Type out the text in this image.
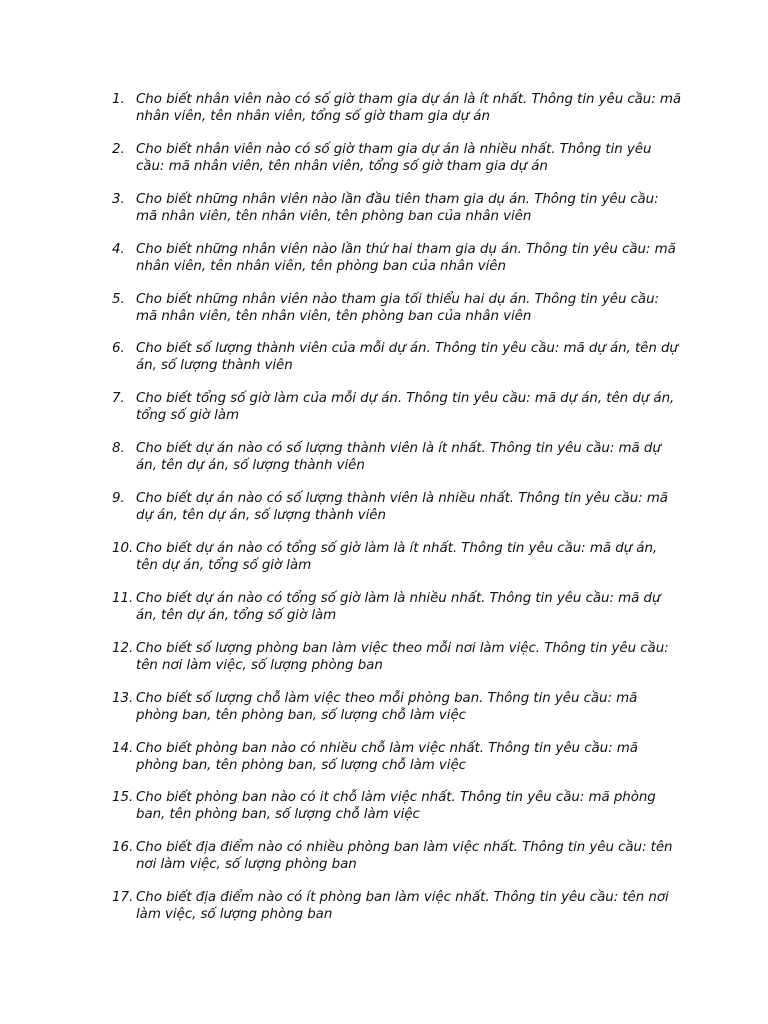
1. Cho biết nhân viên nào có số giờ tham gia dự án là ít nhất. Thông tin yêu cầu: mã nhân viên, tên nhân viên, tổng số giờ tham gia dự án
2. Cho biết nhân viên nào có số giờ tham gia dự án là nhiều nhất. Thông tin yêu cầu: mã nhân viên, tên nhân viên, tổng số giờ tham gia dự án
3. Cho biết những nhân viên nào lần đầu tiên tham gia dụ án. Thông tin yêu cầu: mã nhân viên, tên nhân viên, tên phòng ban của nhân viên
4. Cho biết những nhân viên nào lần thứ hai tham gia dụ án. Thông tin yêu cầu: mã nhân viên, tên nhân viên, tên phòng ban của nhân viên
5. Cho biết những nhân viên nào tham gia tối thiểu hai dụ án. Thông tin yêu cầu: mã nhân viên, tên nhân viên, tên phòng ban của nhân viên
6. Cho biết số lượng thành viên của mỗi dự án. Thông tin yêu cầu: mã dự án, tên dự án, số lượng thành viên
7. Cho biết tổng số giờ làm của mỗi dự án. Thông tin yêu cầu: mã dự án, tên dự án, tổng số giờ làm
8. Cho biết dự án nào có số lượng thành viên là ít nhất. Thông tin yêu cầu: mã dự án, tên dự án, số lượng thành viên
9. Cho biết dự án nào có số lượng thành viên là nhiều nhất. Thông tin yêu cầu: mã dự án, tên dự án, số lượng thành viên
10. Cho biết dự án nào có tổng số giờ làm là ít nhất. Thông tin yêu cầu: mã dự án, tên dự án, tổng số giờ làm
11. Cho biết dự án nào có tổng số giờ làm là nhiều nhất. Thông tin yêu cầu: mã dự án, tên dự án, tổng số giờ làm
12. Cho biết số lượng phòng ban làm việc theo mỗi nơi làm việc. Thông tin yêu cầu: tên nơi làm việc, số lượng phòng ban
13. Cho biết số lượng chỗ làm việc theo mỗi phòng ban. Thông tin yêu cầu: mã phòng ban, tên phòng ban, số lượng chỗ làm việc
14. Cho biết phòng ban nào có nhiều chỗ làm việc nhất. Thông tin yêu cầu: mã phòng ban, tên phòng ban, số lượng chỗ làm việc
15. Cho biết phòng ban nào có it chỗ làm việc nhất. Thông tin yêu cầu: mã phòng ban, tên phòng ban, số lượng chỗ làm việc
16. Cho biết địa điểm nào có nhiều phòng ban làm việc nhất. Thông tin yêu cầu: tên nơi làm việc, số lượng phòng ban
17. Cho biết địa điểm nào có ít phòng ban làm việc nhất. Thông tin yêu cầu: tên nơi làm việc, số lượng phòng ban
